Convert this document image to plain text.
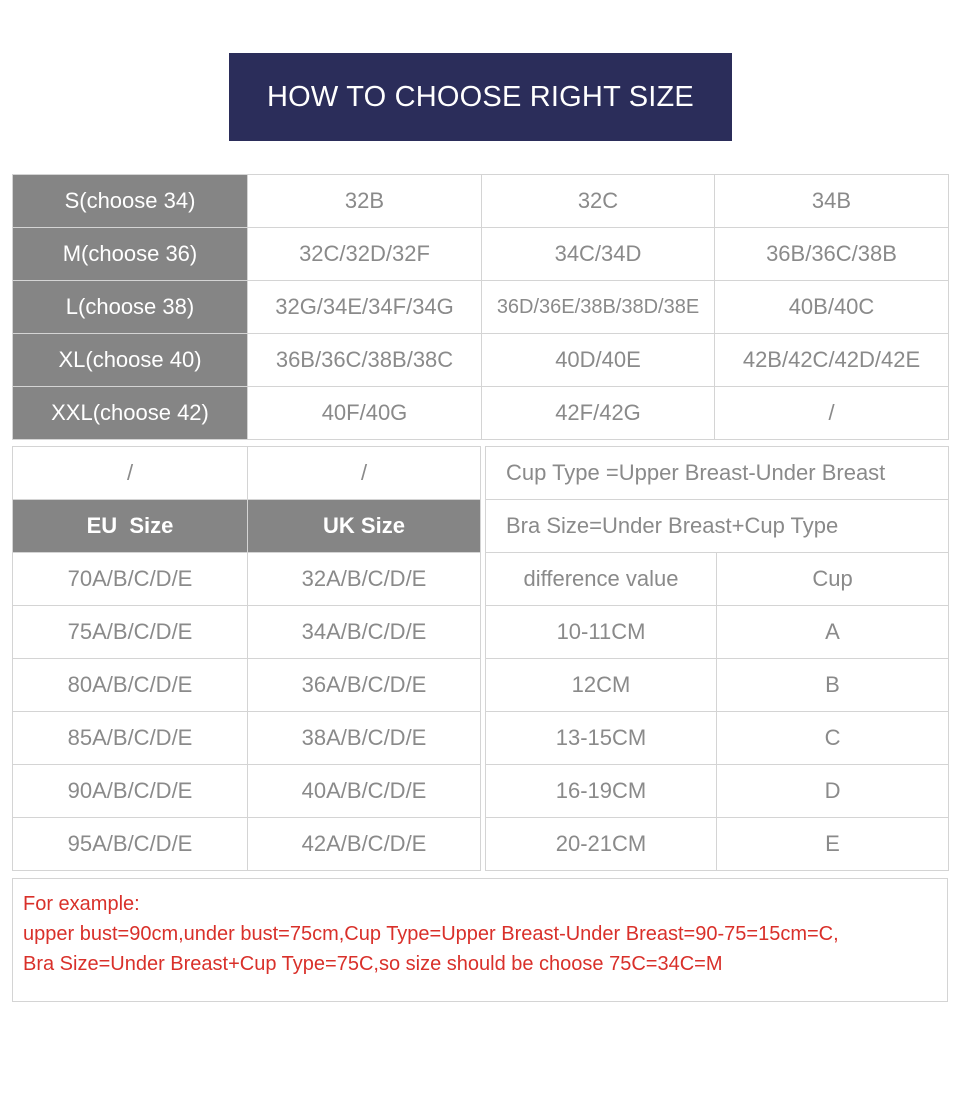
HOW TO CHOOSE RIGHT SIZE
S(choose 34)	32B	32C	34B
M(choose 36)	32C/32D/32F	34C/34D	36B/36C/38B
L(choose 38)	32G/34E/34F/34G	36D/36E/38B/38D/38E	40B/40C
XL(choose 40)	36B/36C/38B/38C	40D/40E	42B/42C/42D/42E
XXL(choose 42)	40F/40G	42F/42G	/
/	/
EU  Size	UK Size
70A/B/C/D/E	32A/B/C/D/E
75A/B/C/D/E	34A/B/C/D/E
80A/B/C/D/E	36A/B/C/D/E
85A/B/C/D/E	38A/B/C/D/E
90A/B/C/D/E	40A/B/C/D/E
95A/B/C/D/E	42A/B/C/D/E
Cup Type =Upper Breast-Under Breast	
Bra Size=Under Breast+Cup Type	
difference value	Cup
10-11CM	A
12CM	B
13-15CM	C
16-19CM	D
20-21CM	E
For example:
upper bust=90cm,under bust=75cm,Cup Type=Upper Breast-Under Breast=90-75=15cm=C,
Bra Size=Under Breast+Cup Type=75C,so size should be choose 75C=34C=M
